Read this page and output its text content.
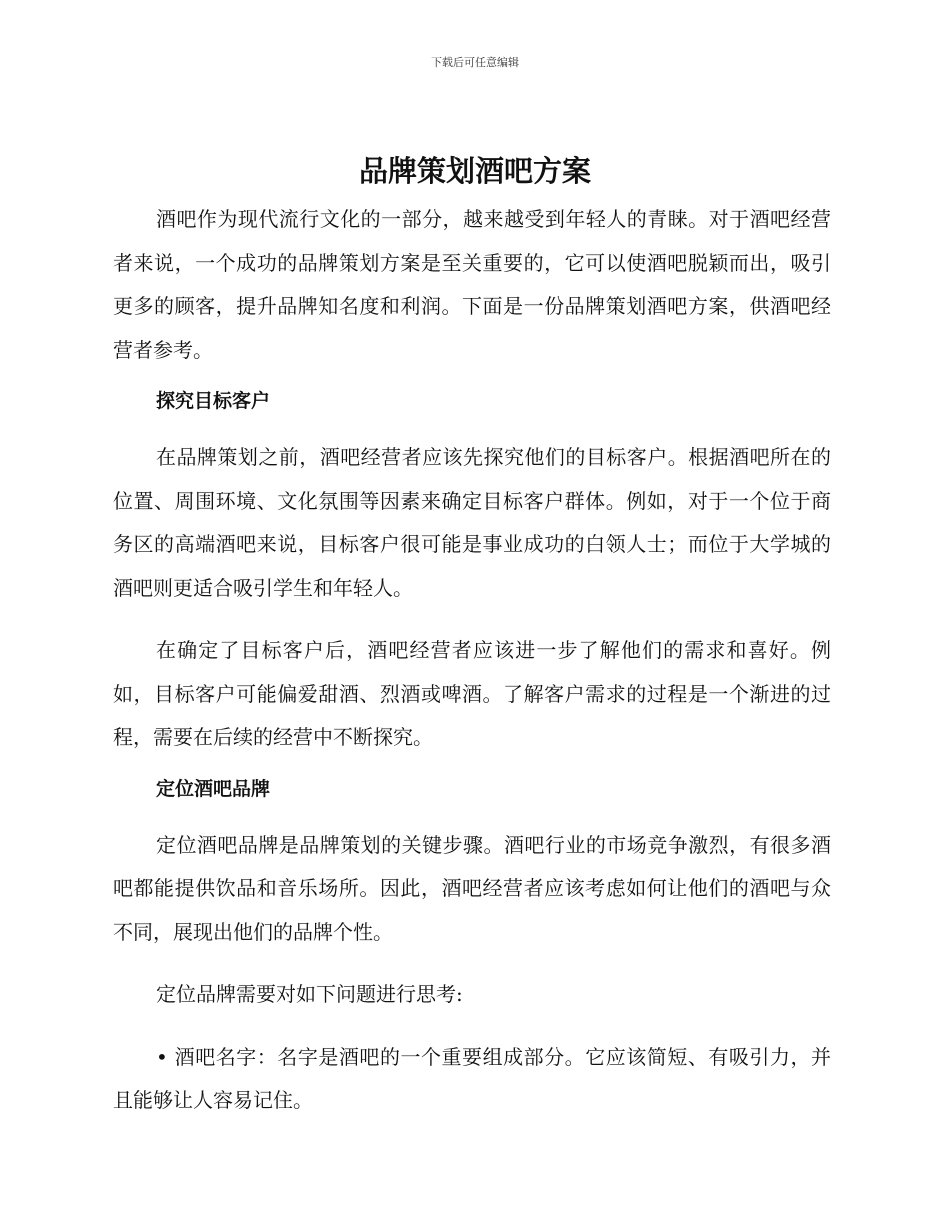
下载后可任意编辑
品牌策划酒吧方案

酒吧作为现代流行文化的一部分，越来越受到年轻人的青睐。对于酒吧经营者来说，一个成功的品牌策划方案是至关重要的，它可以使酒吧脱颖而出，吸引更多的顾客，提升品牌知名度和利润。下面是一份品牌策划酒吧方案，供酒吧经营者参考。

探究目标客户

在品牌策划之前，酒吧经营者应该先探究他们的目标客户。根据酒吧所在的位置、周围环境、文化氛围等因素来确定目标客户群体。例如，对于一个位于商务区的高端酒吧来说，目标客户很可能是事业成功的白领人士；而位于大学城的酒吧则更适合吸引学生和年轻人。

在确定了目标客户后，酒吧经营者应该进一步了解他们的需求和喜好。例如，目标客户可能偏爱甜酒、烈酒或啤酒。了解客户需求的过程是一个渐进的过程，需要在后续的经营中不断探究。

定位酒吧品牌

定位酒吧品牌是品牌策划的关键步骤。酒吧行业的市场竞争激烈，有很多酒吧都能提供饮品和音乐场所。因此，酒吧经营者应该考虑如何让他们的酒吧与众不同，展现出他们的品牌个性。

定位品牌需要对如下问题进行思考:

• 酒吧名字：名字是酒吧的一个重要组成部分。它应该简短、有吸引力，并且能够让人容易记住。
